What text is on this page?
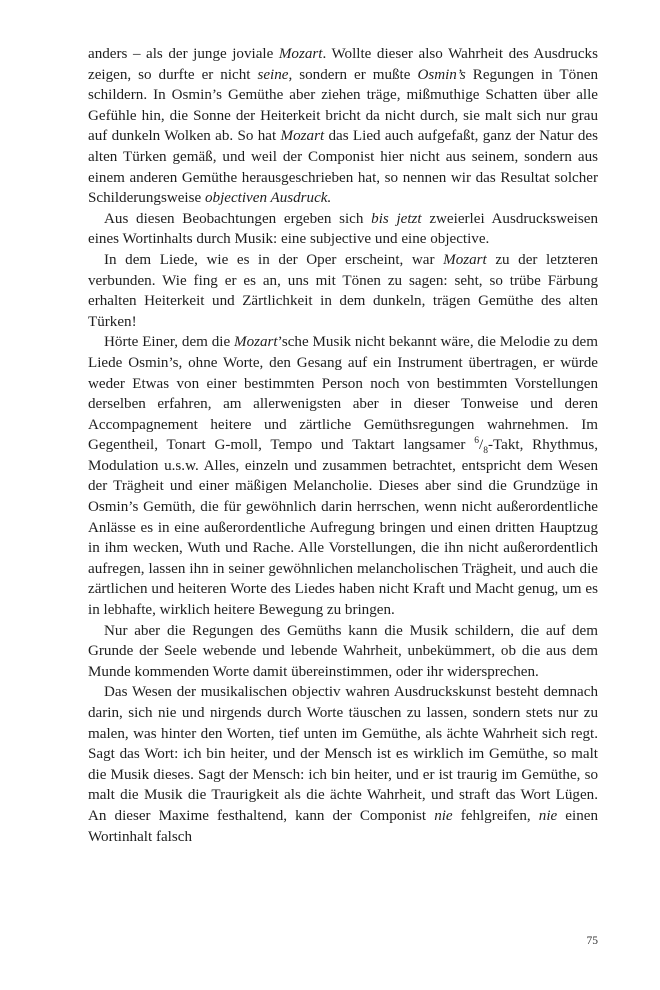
anders – als der junge joviale Mozart. Wollte dieser also Wahrheit des Ausdrucks zeigen, so durfte er nicht seine, sondern er mußte Osmin’s Regungen in Tönen schildern. In Osmin’s Gemüthe aber ziehen träge, mißmuthige Schatten über alle Gefühle hin, die Sonne der Heiterkeit bricht da nicht durch, sie malt sich nur grau auf dunkeln Wolken ab. So hat Mozart das Lied auch aufgefaßt, ganz der Natur des alten Türken gemäß, und weil der Componist hier nicht aus seinem, sondern aus einem anderen Gemüthe herausgeschrieben hat, so nennen wir das Resultat solcher Schilderungsweise objectiven Ausdruck.

Aus diesen Beobachtungen ergeben sich bis jetzt zweierlei Ausdrucksweisen eines Wortinhalts durch Musik: eine subjective und eine objective.

In dem Liede, wie es in der Oper erscheint, war Mozart zu der letzteren verbunden. Wie fing er es an, uns mit Tönen zu sagen: seht, so trübe Färbung erhalten Heiterkeit und Zärtlichkeit in dem dunkeln, trägen Gemüthe des alten Türken!

Hörte Einer, dem die Mozart’sche Musik nicht bekannt wäre, die Melodie zu dem Liede Osmin’s, ohne Worte, den Gesang auf ein Instrument übertragen, er würde weder Etwas von einer bestimmten Person noch von bestimmten Vorstellungen derselben erfahren, am allerwenigsten aber in dieser Tonweise und deren Accompagnement heitere und zärtliche Gemüthsregungen wahrnehmen. Im Gegentheil, Tonart G-moll, Tempo und Taktart langsamer $^6/_8$-Takt, Rhythmus, Modulation u.s.w. Alles, einzeln und zusammen betrachtet, entspricht dem Wesen der Trägheit und einer mäßigen Melancholie. Dieses aber sind die Grundzüge in Osmin’s Gemüth, die für gewöhnlich darin herrschen, wenn nicht außerordentliche Anlässe es in eine außerordentliche Aufregung bringen und einen dritten Hauptzug in ihm wecken, Wuth und Rache. Alle Vorstellungen, die ihn nicht außerordentlich aufregen, lassen ihn in seiner gewöhnlichen melancholischen Trägheit, und auch die zärtlichen und heiteren Worte des Liedes haben nicht Kraft und Macht genug, um es in lebhafte, wirklich heitere Bewegung zu bringen.

Nur aber die Regungen des Gemüths kann die Musik schildern, die auf dem Grunde der Seele webende und lebende Wahrheit, unbekümmert, ob die aus dem Munde kommenden Worte damit übereinstimmen, oder ihr widersprechen.

Das Wesen der musikalischen objectiv wahren Ausdruckskunst besteht demnach darin, sich nie und nirgends durch Worte täuschen zu lassen, sondern stets nur zu malen, was hinter den Worten, tief unten im Gemüthe, als ächte Wahrheit sich regt. Sagt das Wort: ich bin heiter, und der Mensch ist es wirklich im Gemüthe, so malt die Musik dieses. Sagt der Mensch: ich bin heiter, und er ist traurig im Gemüthe, so malt die Musik die Traurigkeit als die ächte Wahrheit, und straft das Wort Lügen. An dieser Maxime festhaltend, kann der Componist nie fehlgreifen, nie einen Wortinhalt falsch

75
